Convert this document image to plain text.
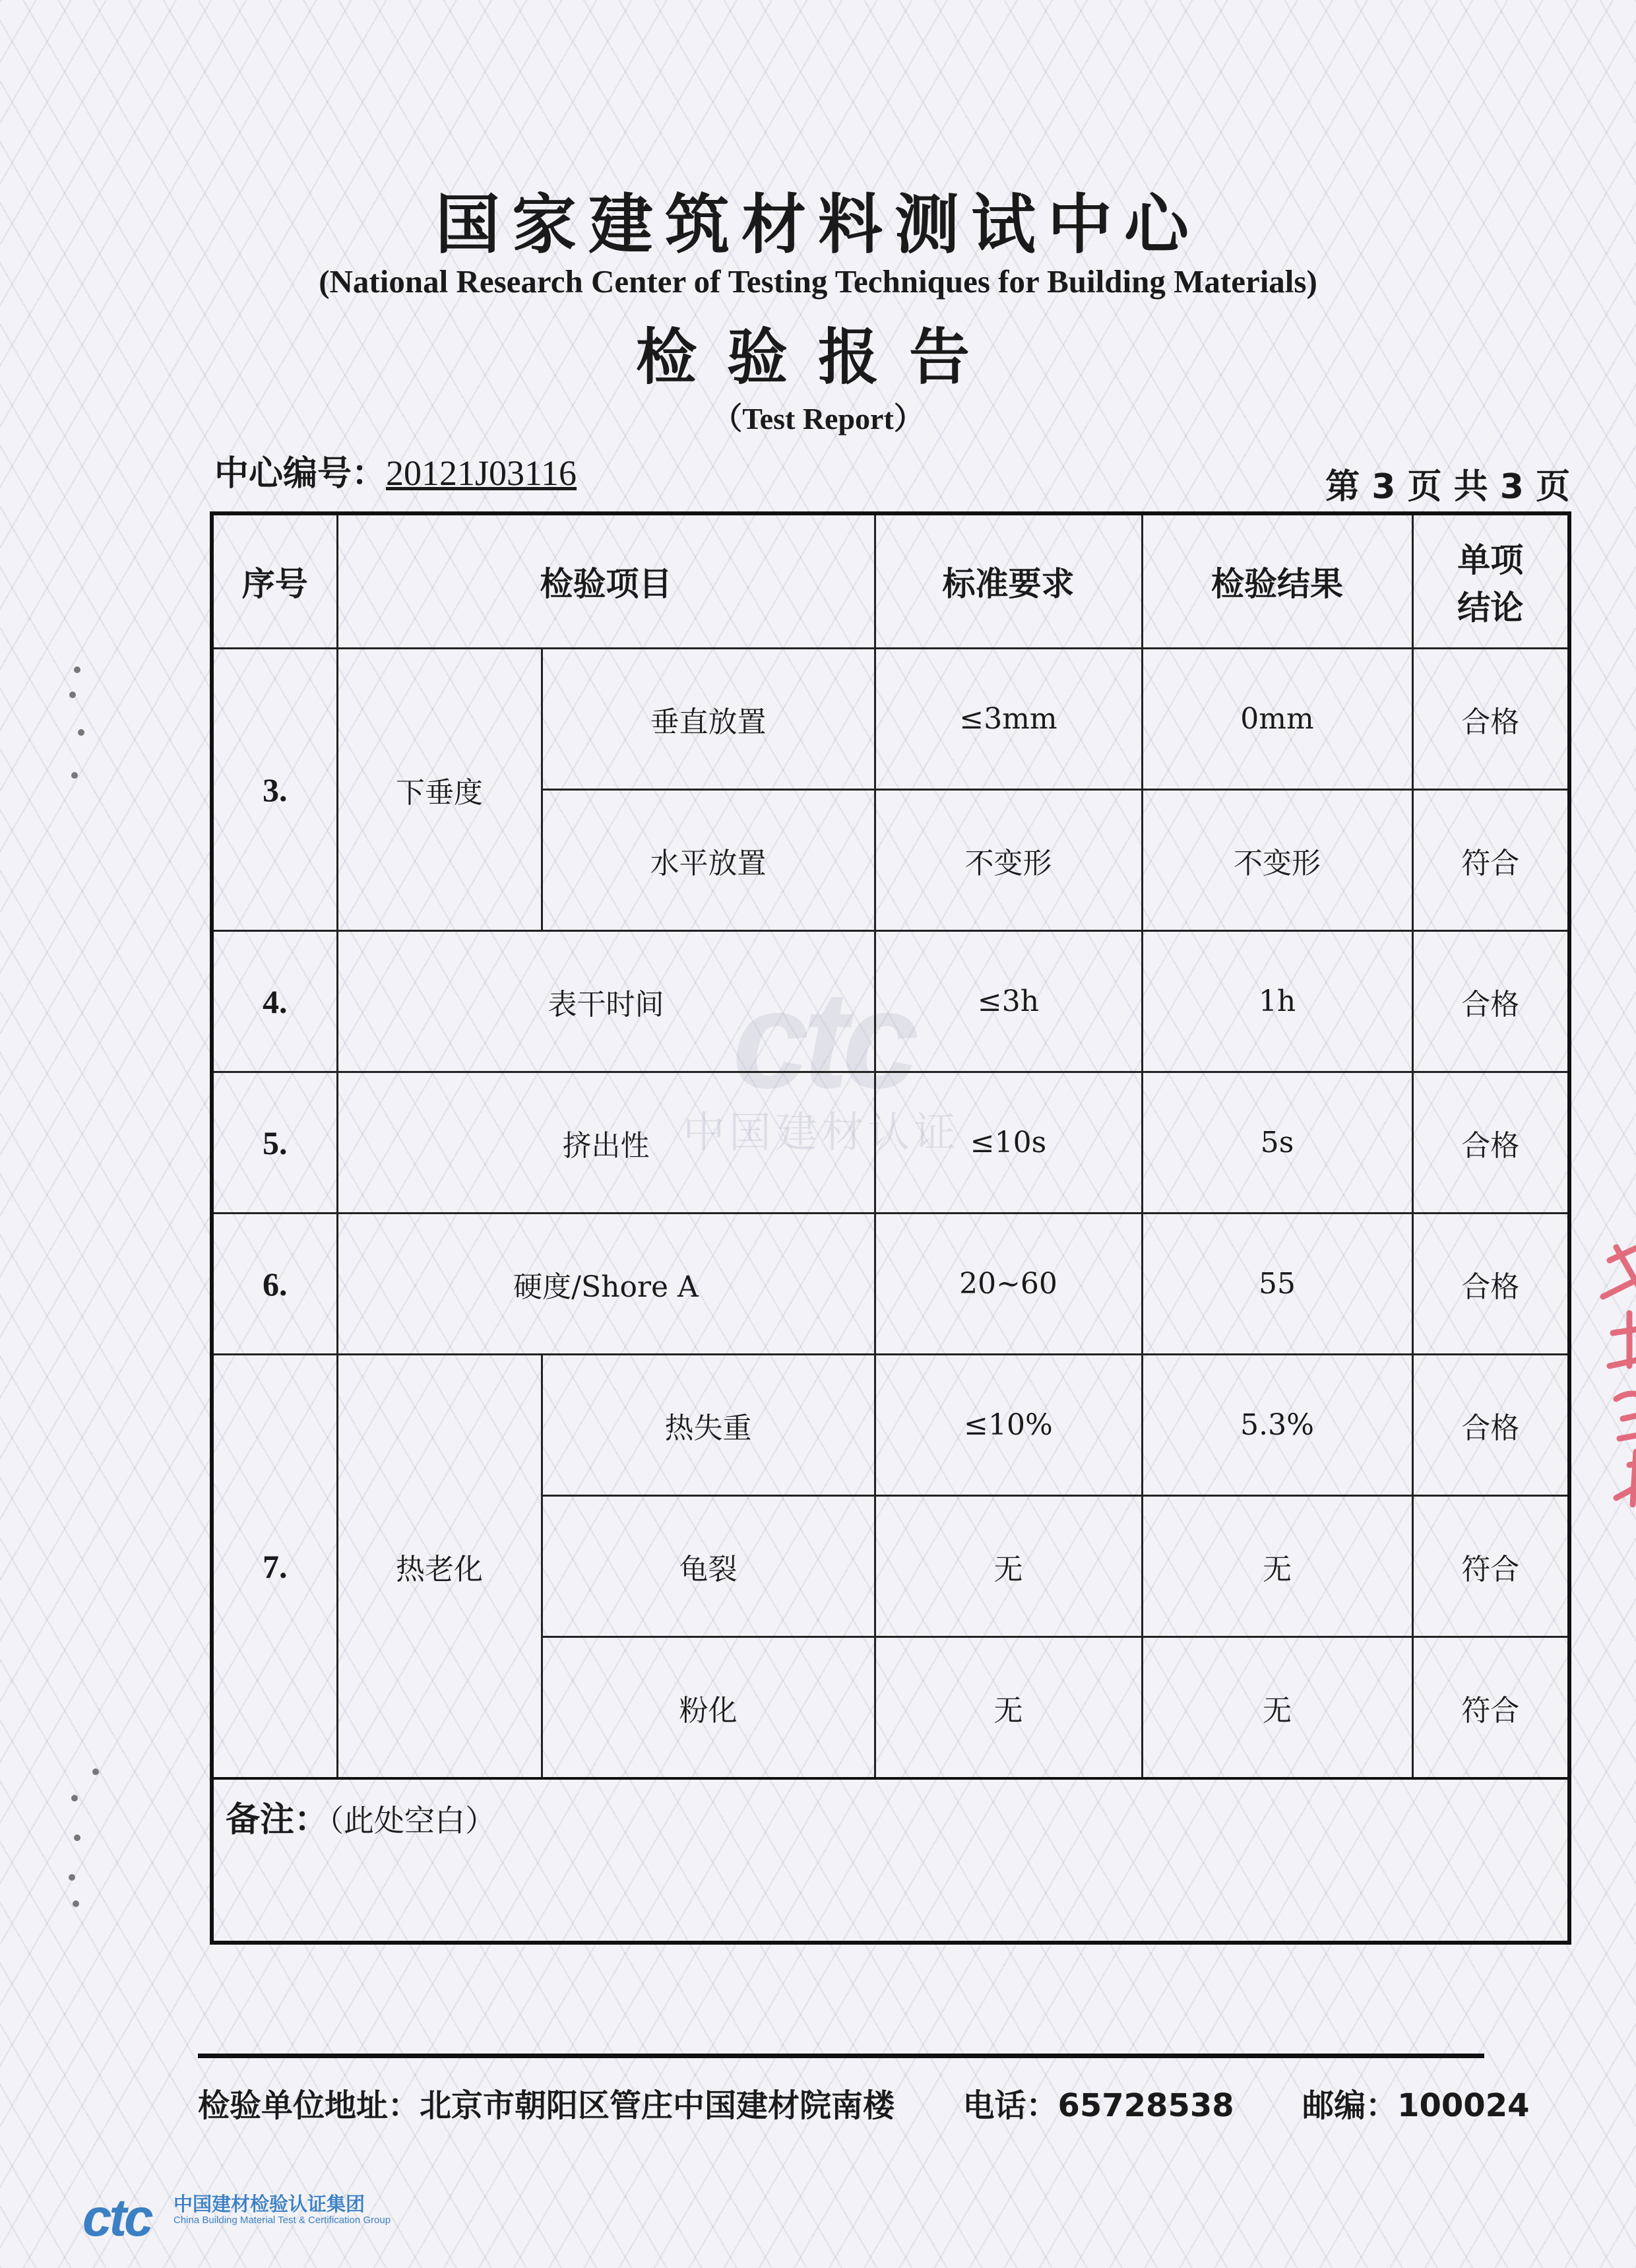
ctc
中国建材认证
国家建筑材料测试中心
(National Research Center of Testing Techniques for Building Materials)
检验报告
（Test Report）
中心编号：20121J03116	第 3 页 共 3 页
序号	检验项目		标准要求	检验结果	单项
结论

3.	下垂度	垂直放置	≤3mm	0mm	合格
		水平放置	不变形	不变形	符合
4.	表干时间		≤3h	1h	合格
5.	挤出性		≤10s	5s	合格
6.	硬度/Shore A		20~60	55	合格
7.	热老化	热失重	≤10%	5.3%	合格
		龟裂	无	无	符合
		粉化	无	无	符合
备注：（此处空白）					
检验单位地址：北京市朝阳区管庄中国建材院南楼 电话：65728538 邮编：100024
ctc 中国建材检验认证集团
China Building Material Test & Certification Group
